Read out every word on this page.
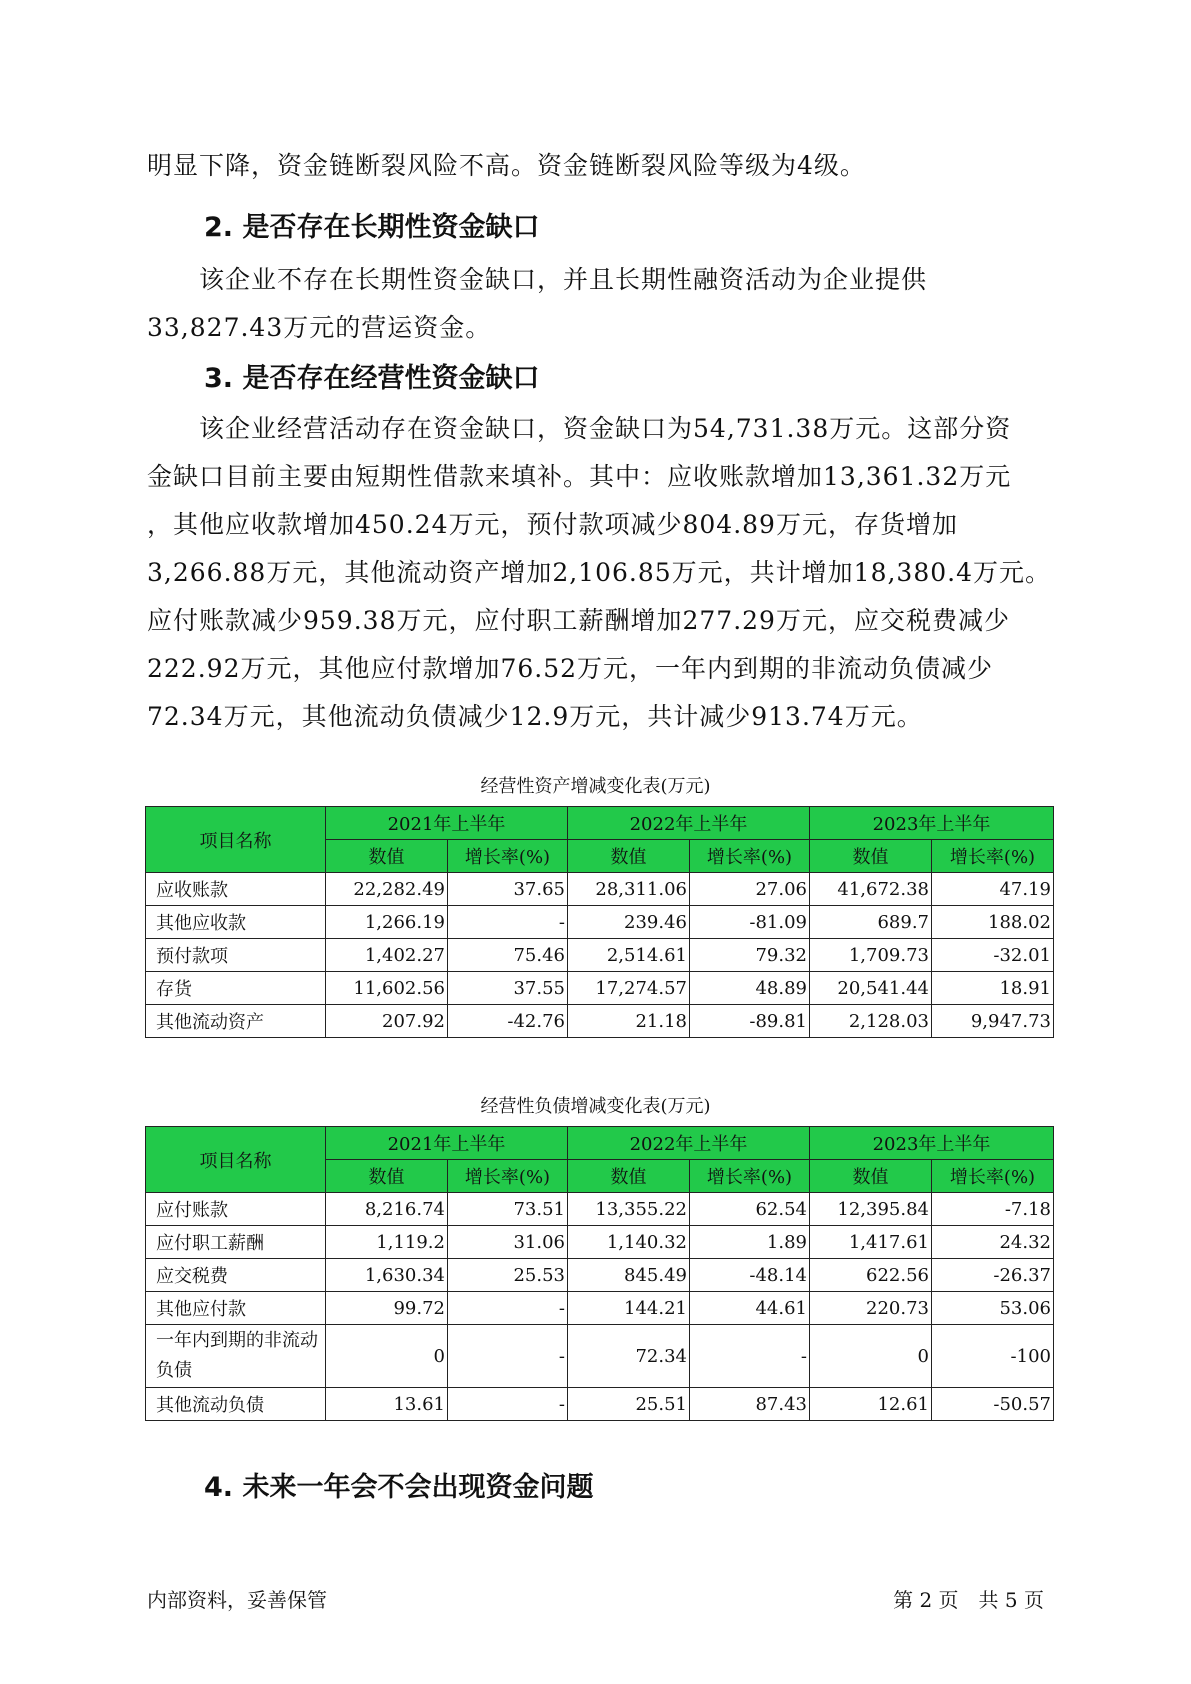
明显下降，资金链断裂风险不高。资金链断裂风险等级为4级。

2. 是否存在长期性资金缺口

　　该企业不存在长期性资金缺口，并且长期性融资活动为企业提供
33,827.43万元的营运资金。

3. 是否存在经营性资金缺口

　　该企业经营活动存在资金缺口，资金缺口为54,731.38万元。这部分资
金缺口目前主要由短期性借款来填补。其中：应收账款增加13,361.32万元
，其他应收款增加450.24万元，预付款项减少804.89万元，存货增加
3,266.88万元，其他流动资产增加2,106.85万元，共计增加18,380.4万元。
应付账款减少959.38万元，应付职工薪酬增加277.29万元，应交税费减少
222.92万元，其他应付款增加76.52万元，一年内到期的非流动负债减少
72.34万元，其他流动负债减少12.9万元，共计减少913.74万元。

经营性资产增减变化表(万元)

项目名称	2021年上半年		2022年上半年		2023年上半年	
	数值	增长率(%)	数值	增长率(%)	数值	增长率(%)
应收账款	22,282.49	37.65	28,311.06	27.06	41,672.38	47.19
其他应收款	1,266.19	-	239.46	-81.09	689.7	188.02
预付款项	1,402.27	75.46	2,514.61	79.32	1,709.73	-32.01
存货	11,602.56	37.55	17,274.57	48.89	20,541.44	18.91
其他流动资产	207.92	-42.76	21.18	-89.81	2,128.03	9,947.73

经营性负债增减变化表(万元)

项目名称	2021年上半年		2022年上半年		2023年上半年	
	数值	增长率(%)	数值	增长率(%)	数值	增长率(%)
应付账款	8,216.74	73.51	13,355.22	62.54	12,395.84	-7.18
应付职工薪酬	1,119.2	31.06	1,140.32	1.89	1,417.61	24.32
应交税费	1,630.34	25.53	845.49	-48.14	622.56	-26.37
其他应付款	99.72	-	144.21	44.61	220.73	53.06
一年内到期的非流动负债	0	-	72.34	-	0	-100
其他流动负债	13.61	-	25.51	87.43	12.61	-50.57
4. 未来一年会不会出现资金问题

内部资料，妥善保管	第 2 页　共 5 页
